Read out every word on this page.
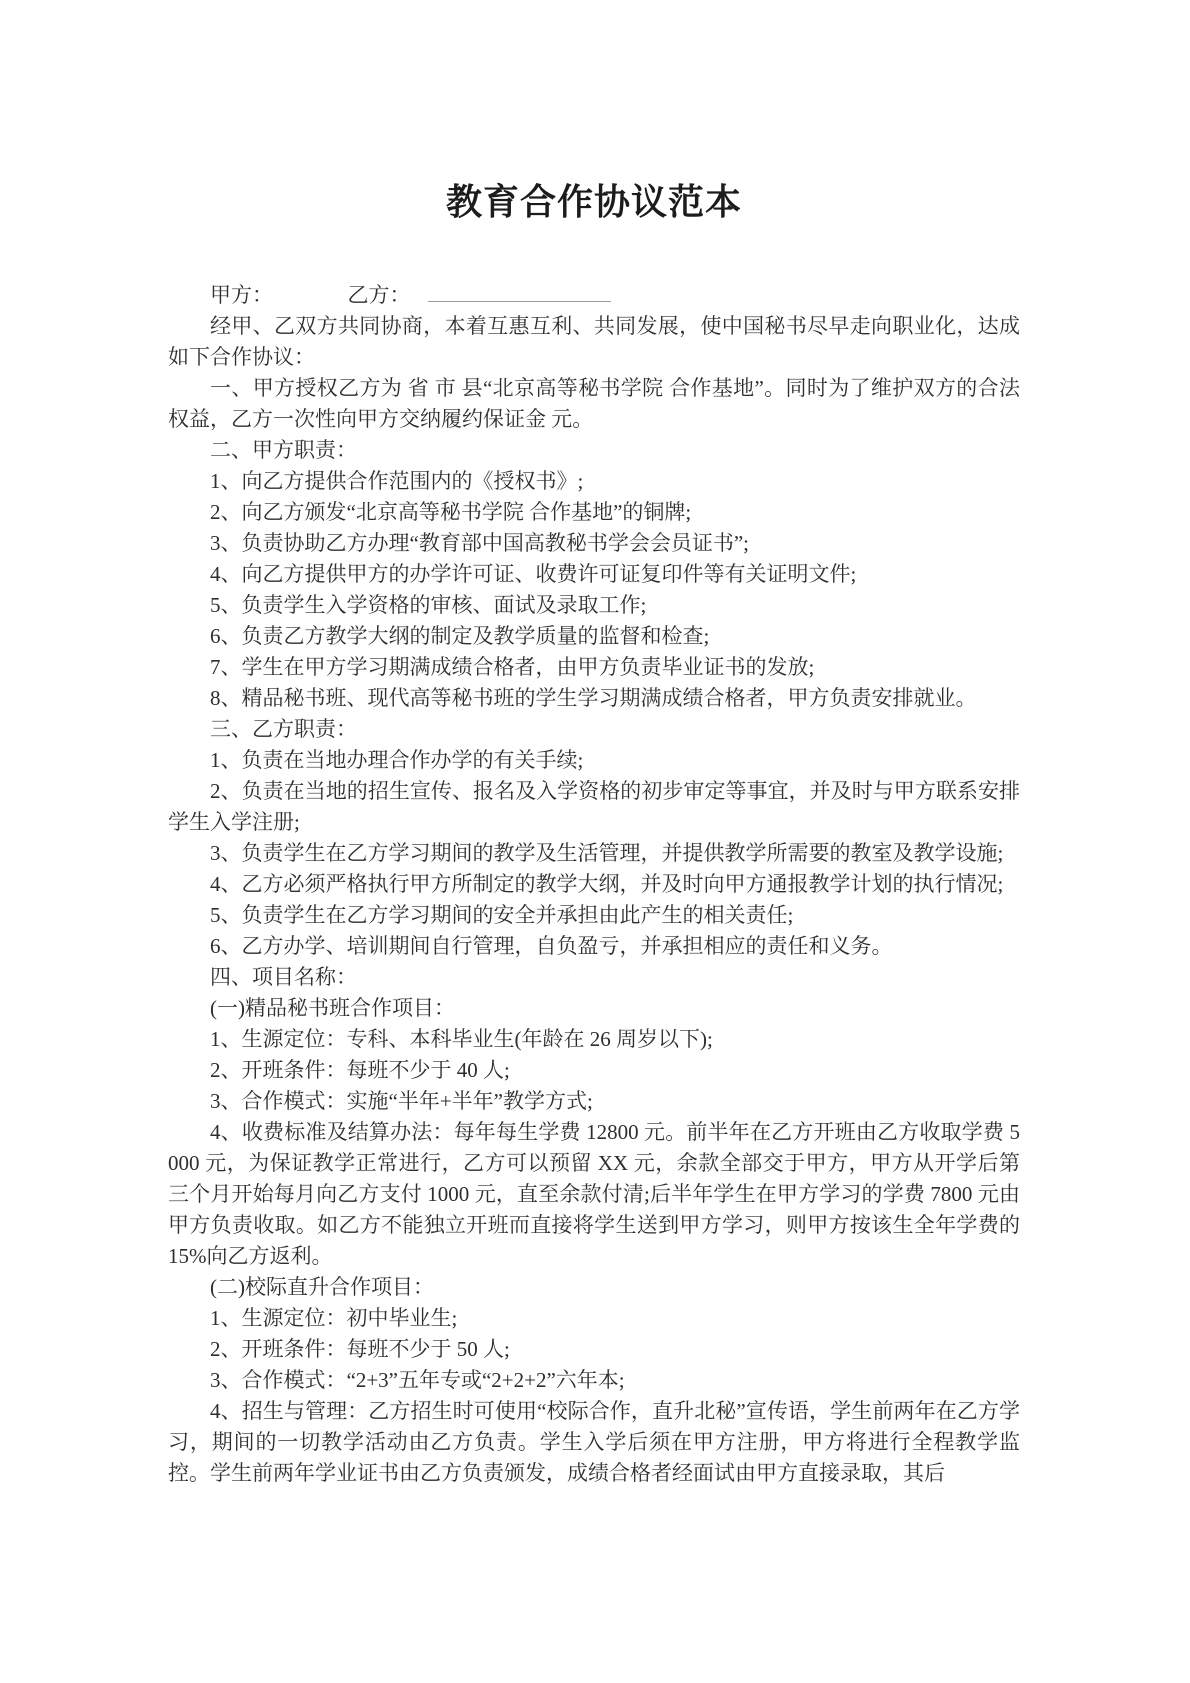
教育合作协议范本

甲方：	乙方：

经甲、乙双方共同协商，本着互惠互利、共同发展，使中国秘书尽早走向职业化，达成如下合作协议：

一、甲方授权乙方为 省 市 县“北京高等秘书学院 合作基地”。同时为了维护双方的合法权益，乙方一次性向甲方交纳履约保证金 元。

二、甲方职责：

1、向乙方提供合作范围内的《授权书》;

2、向乙方颁发“北京高等秘书学院 合作基地”的铜牌;

3、负责协助乙方办理“教育部中国高教秘书学会会员证书”;

4、向乙方提供甲方的办学许可证、收费许可证复印件等有关证明文件;

5、负责学生入学资格的审核、面试及录取工作;

6、负责乙方教学大纲的制定及教学质量的监督和检查;

7、学生在甲方学习期满成绩合格者，由甲方负责毕业证书的发放;

8、精品秘书班、现代高等秘书班的学生学习期满成绩合格者，甲方负责安排就业。

三、乙方职责：

1、负责在当地办理合作办学的有关手续;

2、负责在当地的招生宣传、报名及入学资格的初步审定等事宜，并及时与甲方联系安排学生入学注册;

3、负责学生在乙方学习期间的教学及生活管理，并提供教学所需要的教室及教学设施;

4、乙方必须严格执行甲方所制定的教学大纲，并及时向甲方通报教学计划的执行情况;

5、负责学生在乙方学习期间的安全并承担由此产生的相关责任;

6、乙方办学、培训期间自行管理，自负盈亏，并承担相应的责任和义务。

四、项目名称：

(一)精品秘书班合作项目：

1、生源定位：专科、本科毕业生(年龄在 26 周岁以下);

2、开班条件：每班不少于 40 人;

3、合作模式：实施“半年+半年”教学方式;

4、收费标准及结算办法：每年每生学费 12800 元。前半年在乙方开班由乙方收取学费 5000 元，为保证教学正常进行，乙方可以预留 XX 元，余款全部交于甲方，甲方从开学后第三个月开始每月向乙方支付 1000 元，直至余款付清;后半年学生在甲方学习的学费 7800 元由甲方负责收取。如乙方不能独立开班而直接将学生送到甲方学习，则甲方按该生全年学费的 15%向乙方返利。

(二)校际直升合作项目：

1、生源定位：初中毕业生;

2、开班条件：每班不少于 50 人;

3、合作模式：“2+3”五年专或“2+2+2”六年本;

4、招生与管理：乙方招生时可使用“校际合作，直升北秘”宣传语，学生前两年在乙方学习，期间的一切教学活动由乙方负责。学生入学后须在甲方注册，甲方将进行全程教学监控。学生前两年学业证书由乙方负责颁发，成绩合格者经面试由甲方直接录取，其后
